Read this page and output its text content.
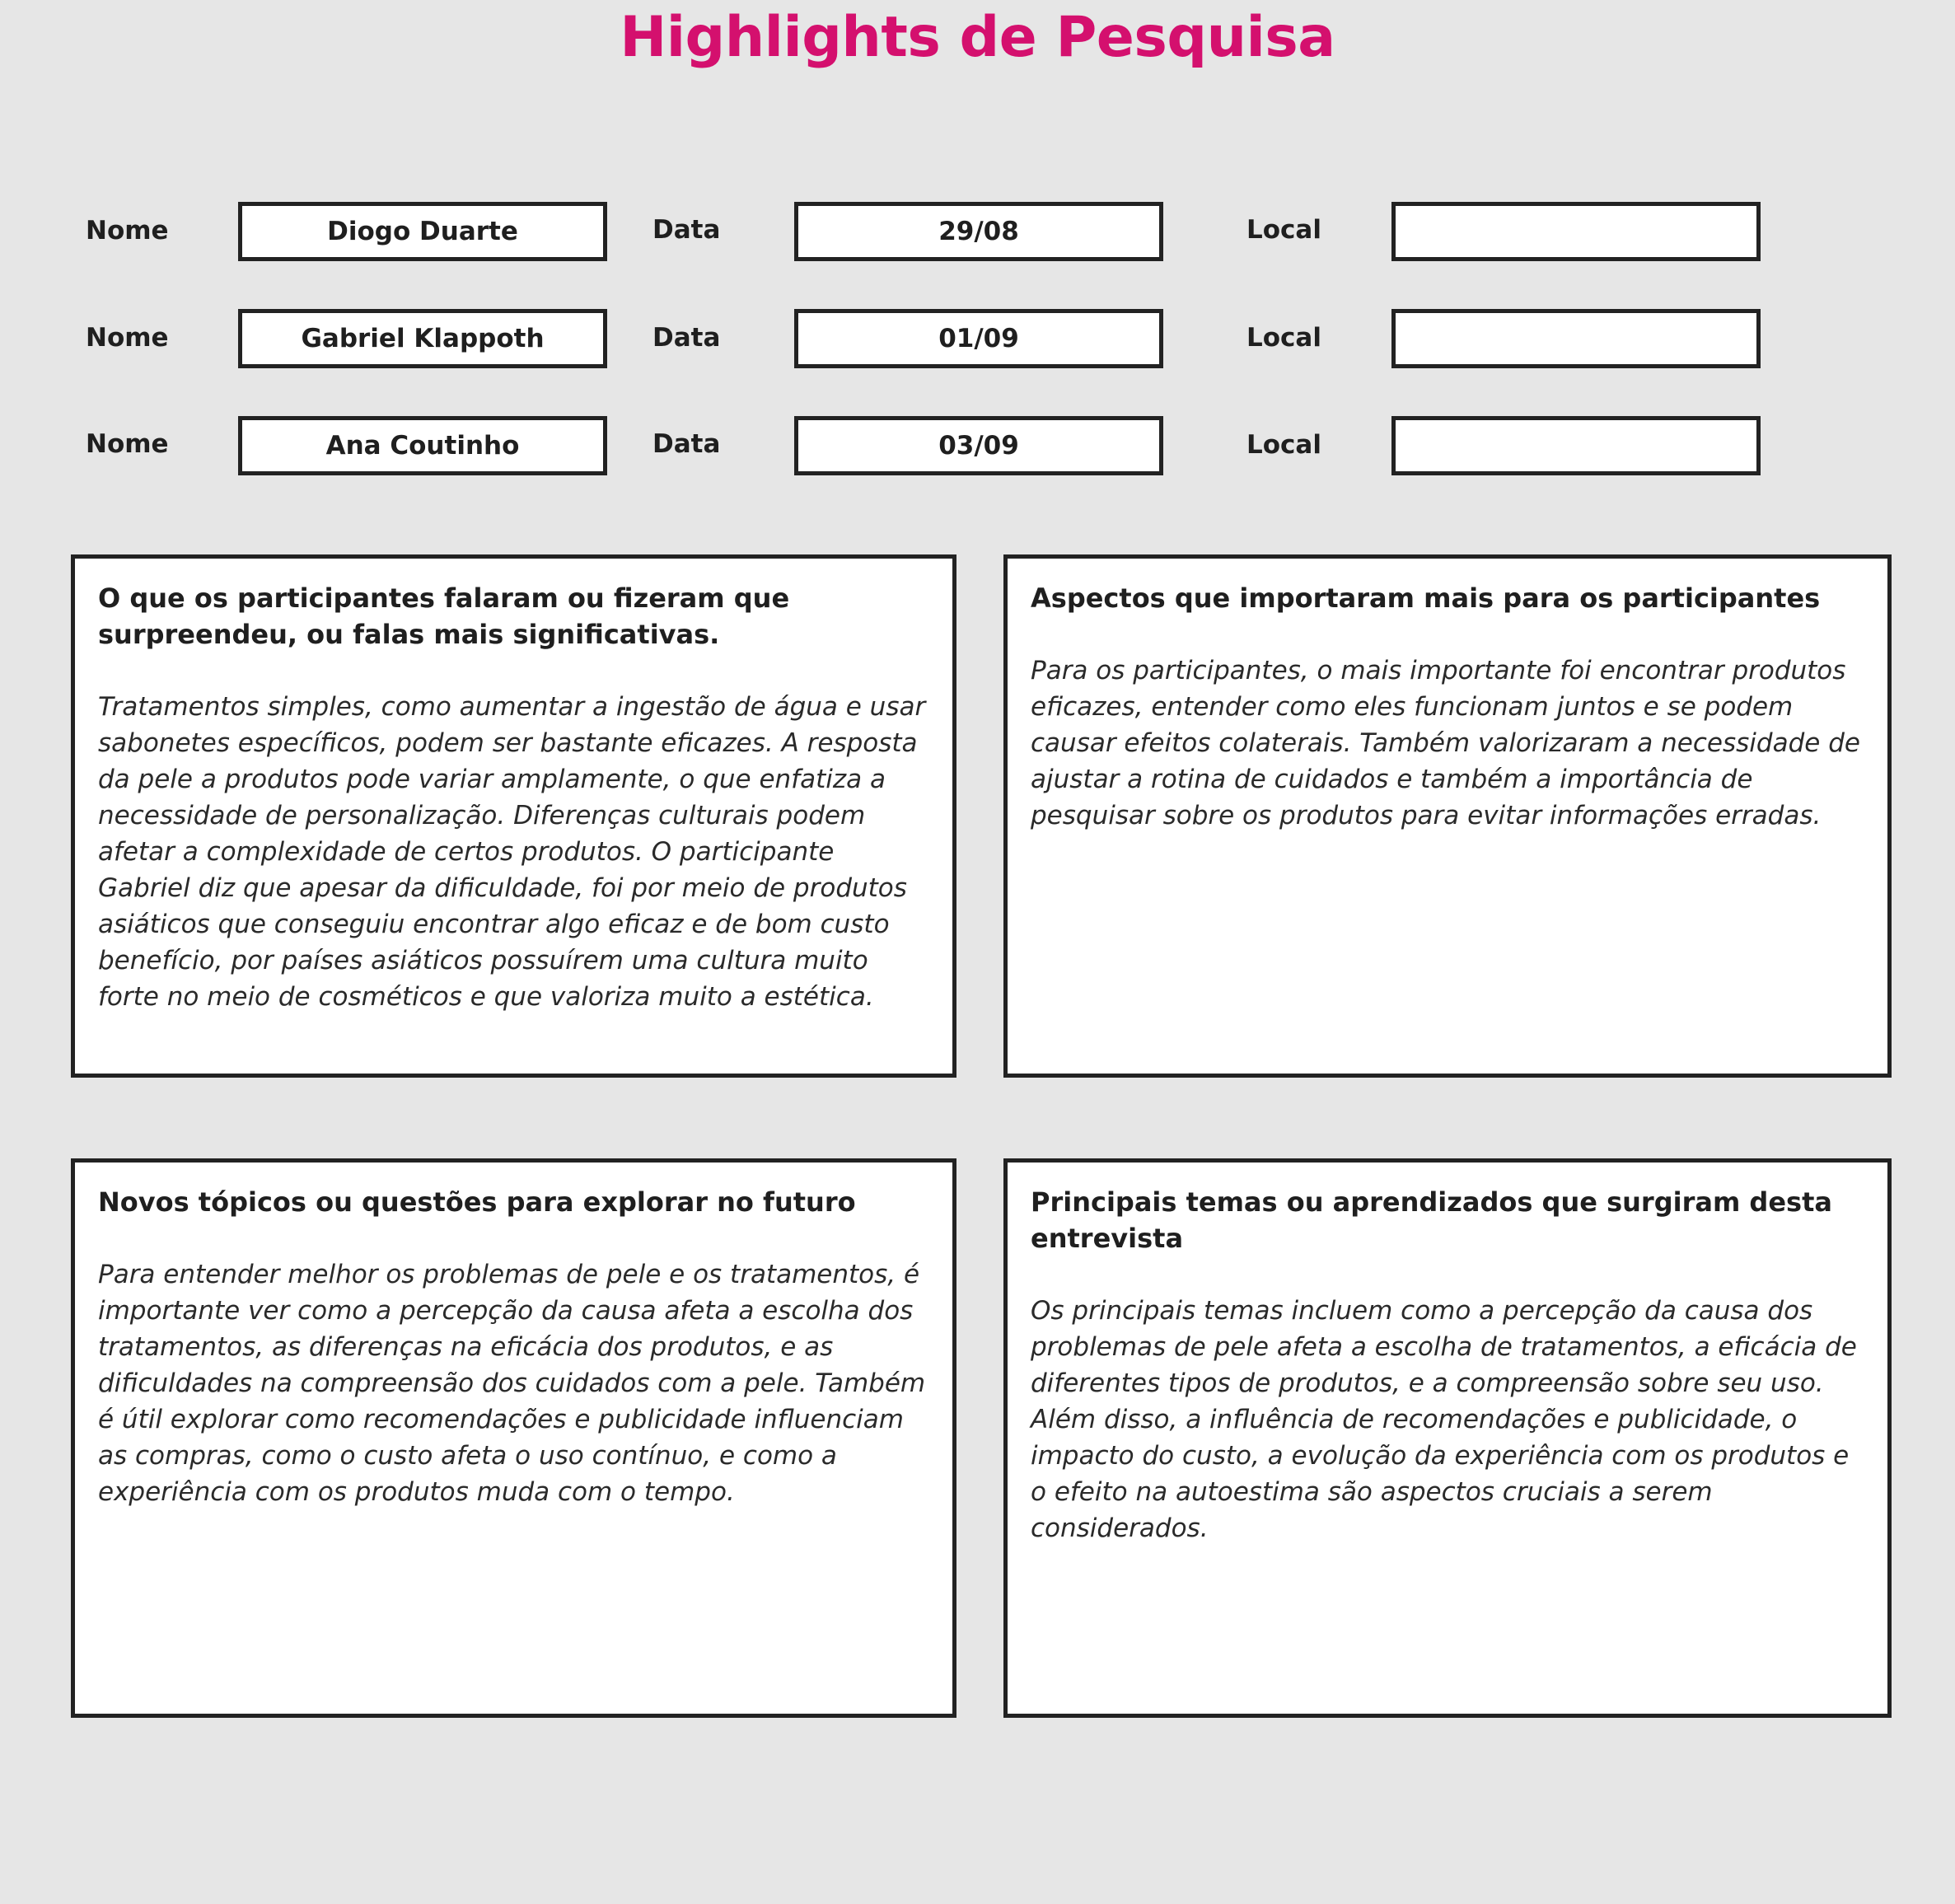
Highlights de Pesquisa
Nome	Diogo Duarte	Data	29/08	Local
Nome	Gabriel Klappoth	Data	01/09	Local
Nome	Ana Coutinho	Data	03/09	Local
O que os participantes falaram ou fizeram que surpreendeu, ou falas mais significativas.
Tratamentos simples, como aumentar a ingestão de água e usar sabonetes específicos, podem ser bastante eficazes. A resposta da pele a produtos pode variar amplamente, o que enfatiza a necessidade de personalização. Diferenças culturais podem afetar a complexidade de certos produtos. O participante Gabriel diz que apesar da dificuldade, foi por meio de produtos asiáticos que conseguiu encontrar algo eficaz e de bom custo benefício, por países asiáticos possuírem uma cultura muito forte no meio de cosméticos e que valoriza muito a estética.
Aspectos que importaram mais para os participantes
Para os participantes, o mais importante foi encontrar produtos eficazes, entender como eles funcionam juntos e se podem causar efeitos colaterais. Também valorizaram a necessidade de ajustar a rotina de cuidados e também a importância de pesquisar sobre os produtos para evitar informações erradas.
Novos tópicos ou questões para explorar no futuro
Para entender melhor os problemas de pele e os tratamentos, é importante ver como a percepção da causa afeta a escolha dos tratamentos, as diferenças na eficácia dos produtos, e as dificuldades na compreensão dos cuidados com a pele. Também é útil explorar como recomendações e publicidade influenciam as compras, como o custo afeta o uso contínuo, e como a experiência com os produtos muda com o tempo.
Principais temas ou aprendizados que surgiram desta entrevista
Os principais temas incluem como a percepção da causa dos problemas de pele afeta a escolha de tratamentos, a eficácia de diferentes tipos de produtos, e a compreensão sobre seu uso. Além disso, a influência de recomendações e publicidade, o impacto do custo, a evolução da experiência com os produtos e o efeito na autoestima são aspectos cruciais a serem considerados.
